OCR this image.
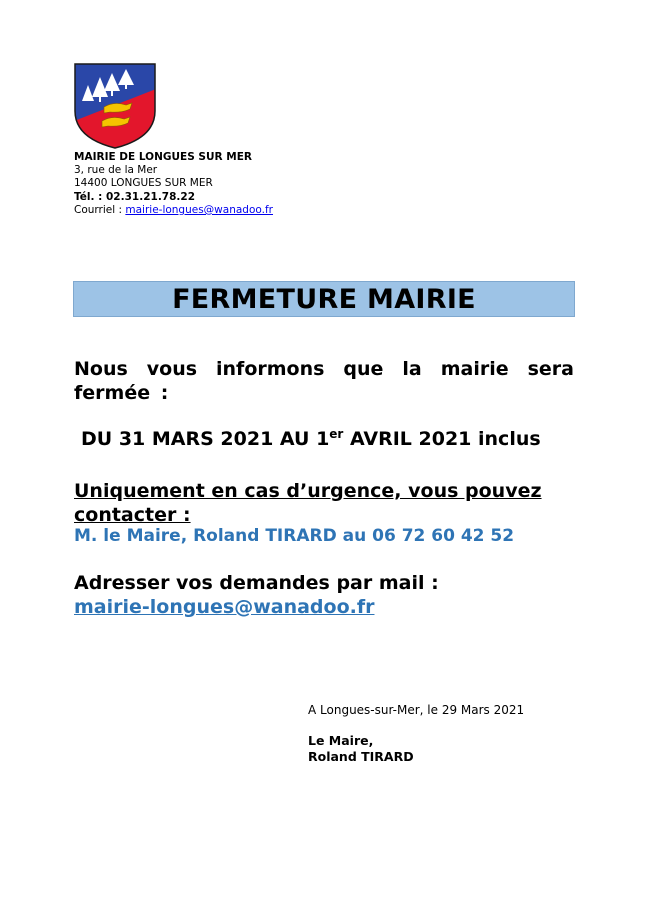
MAIRIE DE LONGUES SUR MER
3, rue de la Mer
14400 LONGUES SUR MER
Tél. : 02.31.21.78.22
Courriel : mairie-longues@wanadoo.fr
FERMETURE MAIRIE
Nous vous informons que la mairie sera fermée :
DU 31 MARS 2021 AU 1er AVRIL 2021 inclus
Uniquement en cas d’urgence, vous pouvez contacter :
M. le Maire, Roland TIRARD au 06 72 60 42 52
Adresser vos demandes par mail :
mairie-longues@wanadoo.fr
A Longues-sur-Mer, le 29 Mars 2021
Le Maire,
Roland TIRARD
